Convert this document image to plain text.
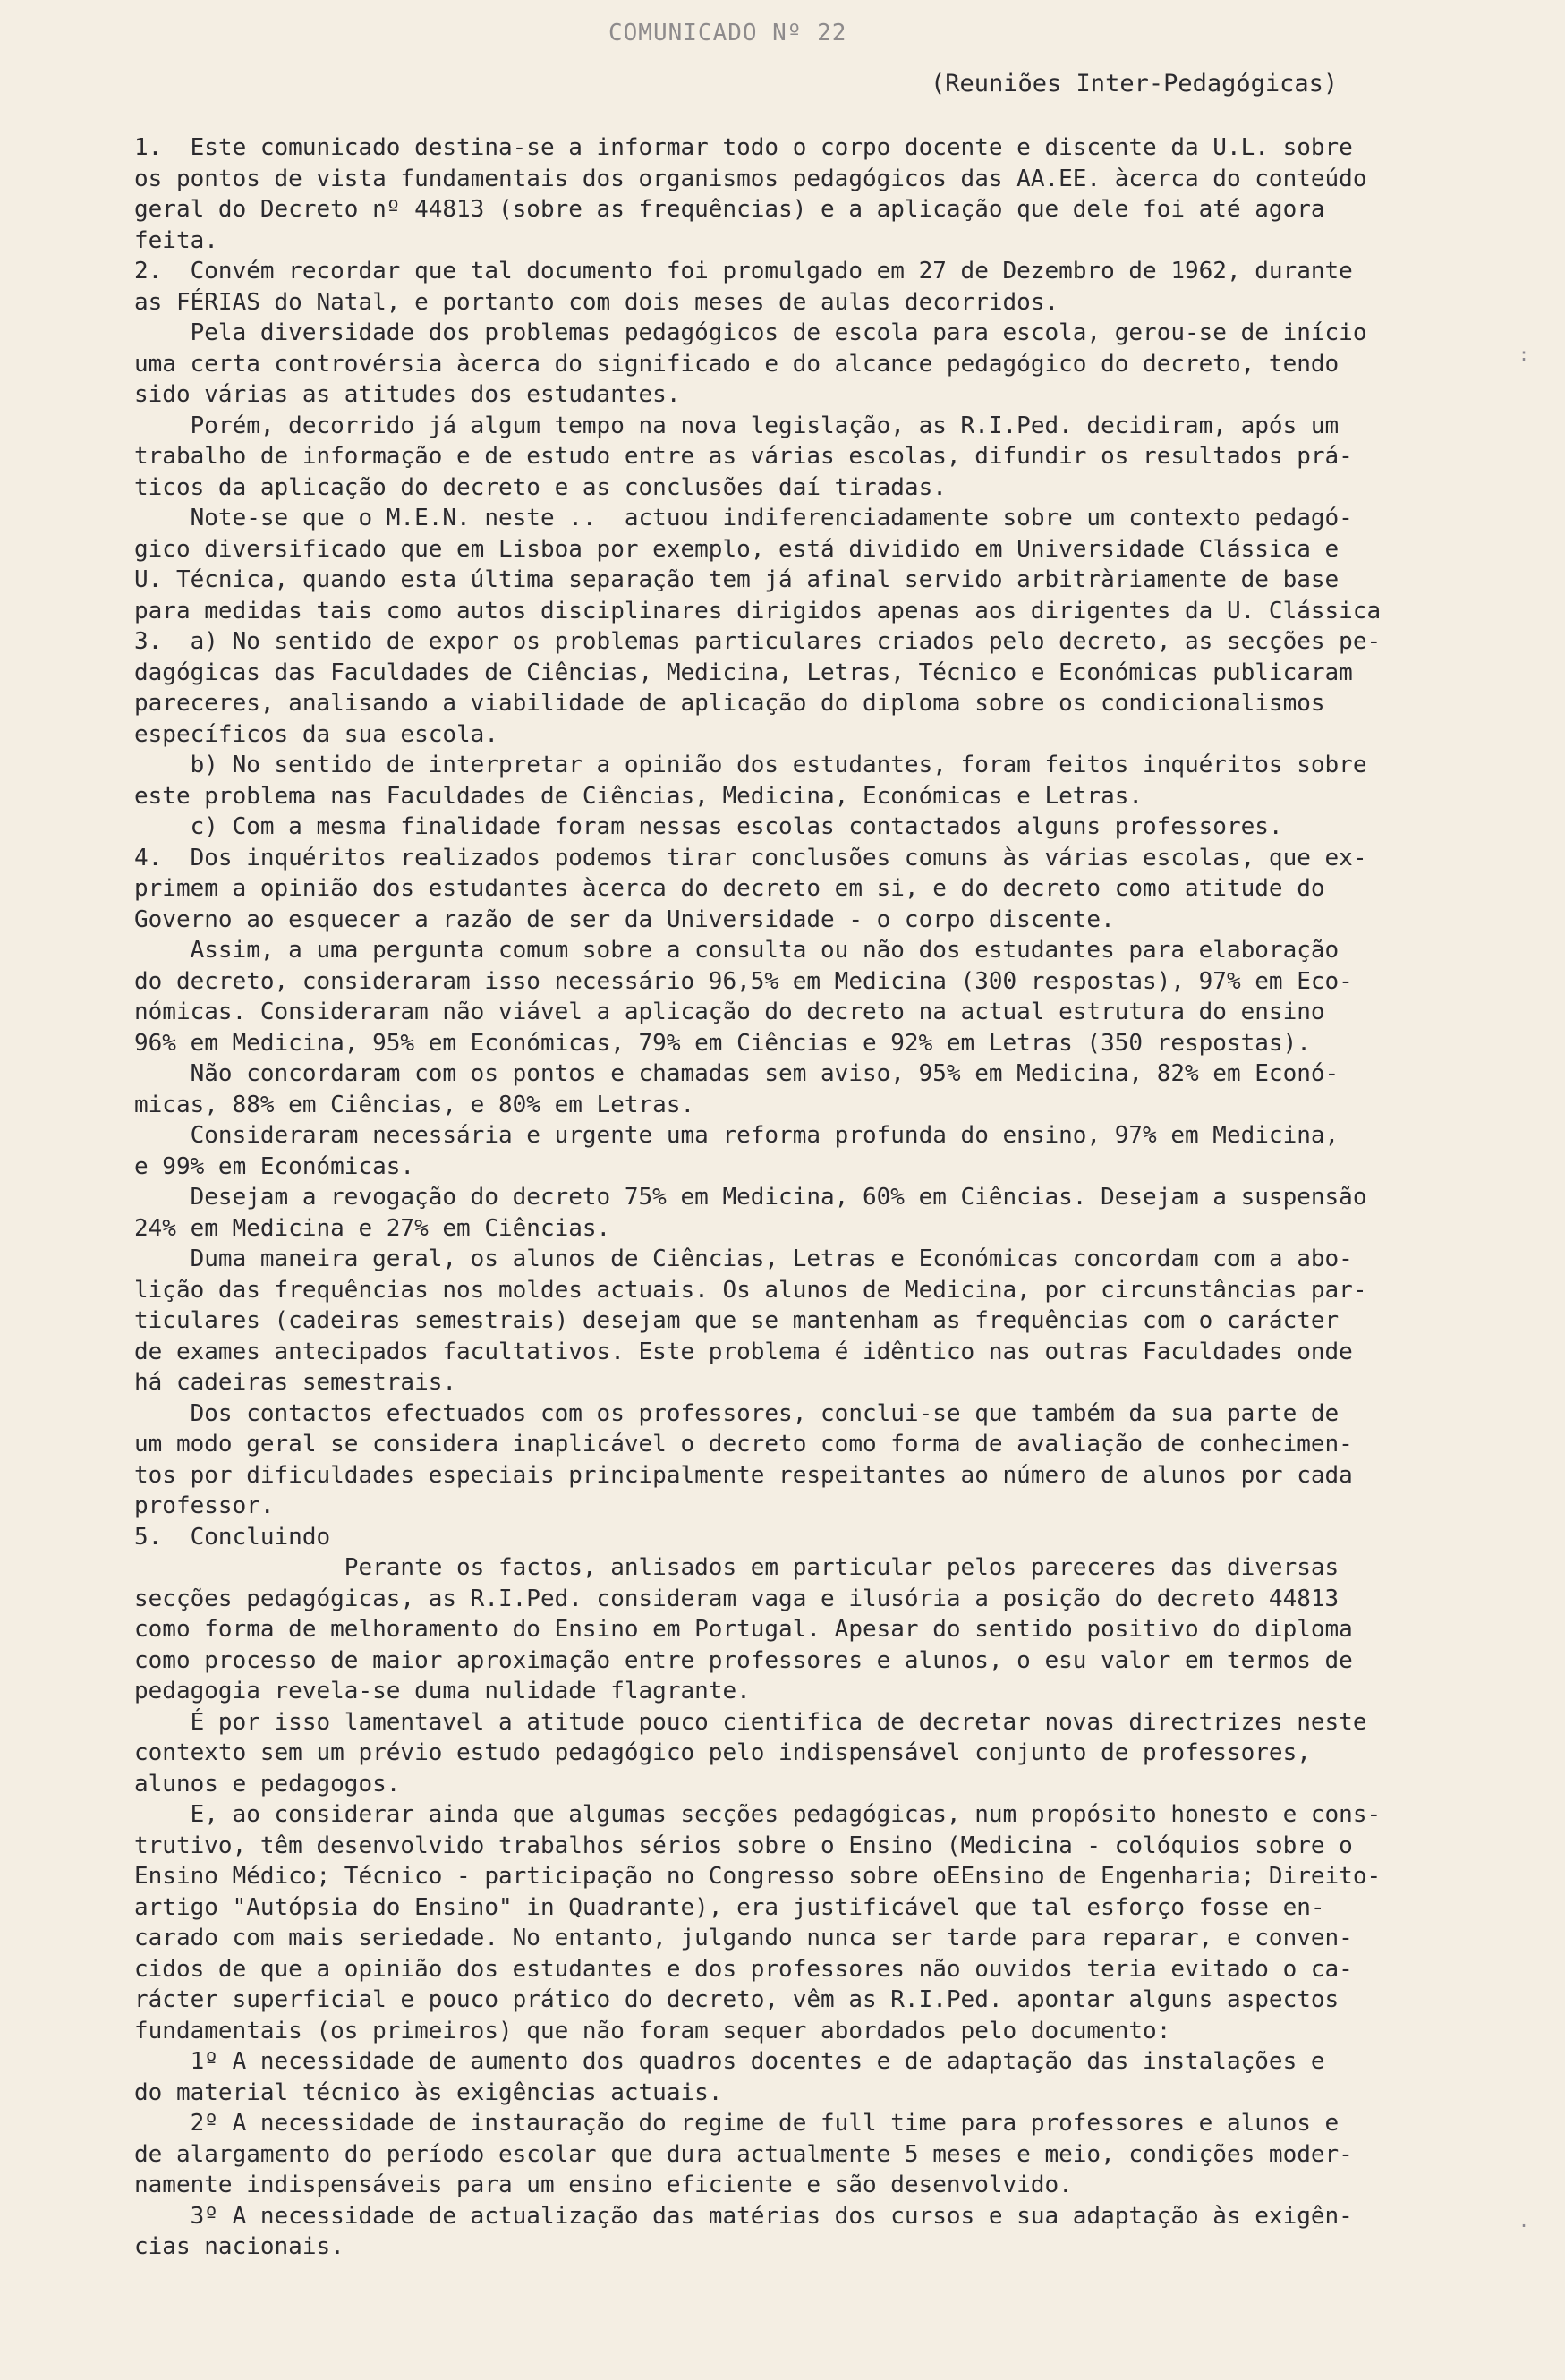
COMUNICADO Nº 22
(Reuniões Inter-Pedagógicas)
1.  Este comunicado destina-se a informar todo o corpo docente e discente da U.L. sobre
os pontos de vista fundamentais dos organismos pedagógicos das AA.EE. àcerca do conteúdo
geral do Decreto nº 44813 (sobre as frequências) e a aplicação que dele foi até agora
feita.
2.  Convém recordar que tal documento foi promulgado em 27 de Dezembro de 1962, durante
as FÉRIAS do Natal, e portanto com dois meses de aulas decorridos.
Pela diversidade dos problemas pedagógicos de escola para escola, gerou-se de início
uma certa controvérsia àcerca do significado e do alcance pedagógico do decreto, tendo
sido várias as atitudes dos estudantes.
Porém, decorrido já algum tempo na nova legislação, as R.I.Ped. decidiram, após um
trabalho de informação e de estudo entre as várias escolas, difundir os resultados prá-
ticos da aplicação do decreto e as conclusões daí tiradas.
Note-se que o M.E.N. neste ..  actuou indiferenciadamente sobre um contexto pedagó-
gico diversificado que em Lisboa por exemplo, está dividido em Universidade Clássica e
U. Técnica, quando esta última separação tem já afinal servido arbitràriamente de base
para medidas tais como autos disciplinares dirigidos apenas aos dirigentes da U. Clássica
3.  a) No sentido de expor os problemas particulares criados pelo decreto, as secções pe-
dagógicas das Faculdades de Ciências, Medicina, Letras, Técnico e Económicas publicaram
pareceres, analisando a viabilidade de aplicação do diploma sobre os condicionalismos
específicos da sua escola.
b) No sentido de interpretar a opinião dos estudantes, foram feitos inquéritos sobre
este problema nas Faculdades de Ciências, Medicina, Económicas e Letras.
c) Com a mesma finalidade foram nessas escolas contactados alguns professores.
4.  Dos inquéritos realizados podemos tirar conclusões comuns às várias escolas, que ex-
primem a opinião dos estudantes àcerca do decreto em si, e do decreto como atitude do
Governo ao esquecer a razão de ser da Universidade - o corpo discente.
Assim, a uma pergunta comum sobre a consulta ou não dos estudantes para elaboração
do decreto, consideraram isso necessário 96,5% em Medicina (300 respostas), 97% em Eco-
nómicas. Consideraram não viável a aplicação do decreto na actual estrutura do ensino
96% em Medicina, 95% em Económicas, 79% em Ciências e 92% em Letras (350 respostas).
Não concordaram com os pontos e chamadas sem aviso, 95% em Medicina, 82% em Econó-
micas, 88% em Ciências, e 80% em Letras.
Consideraram necessária e urgente uma reforma profunda do ensino, 97% em Medicina,
e 99% em Económicas.
Desejam a revogação do decreto 75% em Medicina, 60% em Ciências. Desejam a suspensão
24% em Medicina e 27% em Ciências.
Duma maneira geral, os alunos de Ciências, Letras e Económicas concordam com a abo-
lição das frequências nos moldes actuais. Os alunos de Medicina, por circunstâncias par-
ticulares (cadeiras semestrais) desejam que se mantenham as frequências com o carácter
de exames antecipados facultativos. Este problema é idêntico nas outras Faculdades onde
há cadeiras semestrais.
Dos contactos efectuados com os professores, conclui-se que também da sua parte de
um modo geral se considera inaplicável o decreto como forma de avaliação de conhecimen-
tos por dificuldades especiais principalmente respeitantes ao número de alunos por cada
professor.
5.  Concluindo
Perante os factos, anlisados em particular pelos pareceres das diversas
secções pedagógicas, as R.I.Ped. consideram vaga e ilusória a posição do decreto 44813
como forma de melhoramento do Ensino em Portugal. Apesar do sentido positivo do diploma
como processo de maior aproximação entre professores e alunos, o esu valor em termos de
pedagogia revela-se duma nulidade flagrante.
É por isso lamentavel a atitude pouco cientifica de decretar novas directrizes neste
contexto sem um prévio estudo pedagógico pelo indispensável conjunto de professores,
alunos e pedagogos.
E, ao considerar ainda que algumas secções pedagógicas, num propósito honesto e cons-
trutivo, têm desenvolvido trabalhos sérios sobre o Ensino (Medicina - colóquios sobre o
Ensino Médico; Técnico - participação no Congresso sobre oEEnsino de Engenharia; Direito-
artigo "Autópsia do Ensino" in Quadrante), era justificável que tal esforço fosse en-
carado com mais seriedade. No entanto, julgando nunca ser tarde para reparar, e conven-
cidos de que a opinião dos estudantes e dos professores não ouvidos teria evitado o ca-
rácter superficial e pouco prático do decreto, vêm as R.I.Ped. apontar alguns aspectos
fundamentais (os primeiros) que não foram sequer abordados pelo documento:
1º A necessidade de aumento dos quadros docentes e de adaptação das instalações e
do material técnico às exigências actuais.
2º A necessidade de instauração do regime de full time para professores e alunos e
de alargamento do período escolar que dura actualmente 5 meses e meio, condições moder-
namente indispensáveis para um ensino eficiente e são desenvolvido.
3º A necessidade de actualização das matérias dos cursos e sua adaptação às exigên-
cias nacionais.
:
.
